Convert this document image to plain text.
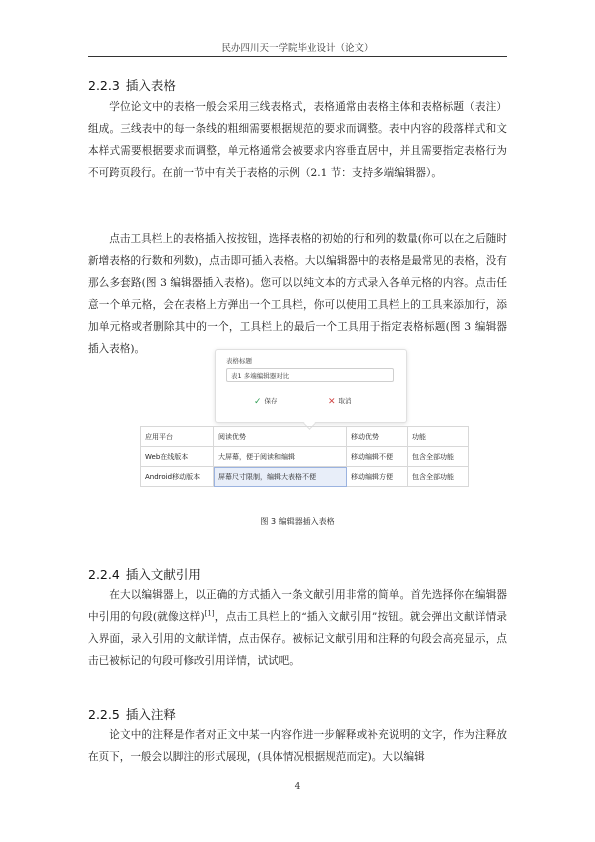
民办四川天一学院毕业设计（论文）
2.2.3 插入表格

学位论文中的表格一般会采用三线表格式，表格通常由表格主体和表格标题（表注）组成。三线表中的每一条线的粗细需要根据规范的要求而调整。表中内容的段落样式和文本样式需要根据要求而调整，单元格通常会被要求内容垂直居中，并且需要指定表格行为不可跨页段行。在前一节中有关于表格的示例（2.1 节：支持多端编辑器）。

点击工具栏上的表格插入按按钮，选择表格的初始的行和列的数量(你可以在之后随时新增表格的行数和列数)，点击即可插入表格。大以编辑器中的表格是最常见的表格，没有那么多套路(图 3 编辑器插入表格)。您可以以纯文本的方式录入各单元格的内容。点击任意一个单元格，会在表格上方弹出一个工具栏，你可以使用工具栏上的工具来添加行，添加单元格或者删除其中的一个，工具栏上的最后一个工具用于指定表格标题(图 3 编辑器插入表格)。

表格标题
表1 多端编辑器对比
✓ 保存	✕ 取消
应用平台	阅读优势	移动优势	功能
Web在线版本	大屏幕，便于阅读和编辑	移动编辑不便	包含全部功能
Android移动版本	屏幕尺寸限制，编辑大表格不便	移动编辑方便	包含全部功能
图 3 编辑器插入表格
2.2.4 插入文献引用

在大以编辑器上，以正确的方式插入一条文献引用非常的简单。首先选择你在编辑器中引用的句段(就像这样)[1]，点击工具栏上的“插入文献引用”按钮。就会弹出文献详情录入界面，录入引用的文献详情，点击保存。被标记文献引用和注释的句段会高亮显示，点击已被标记的句段可修改引用详情，试试吧。

2.2.5 插入注释

论文中的注释是作者对正文中某一内容作进一步解释或补充说明的文字，作为注释放在页下，一般会以脚注的形式展现，(具体情况根据规范而定)。大以编辑

4
